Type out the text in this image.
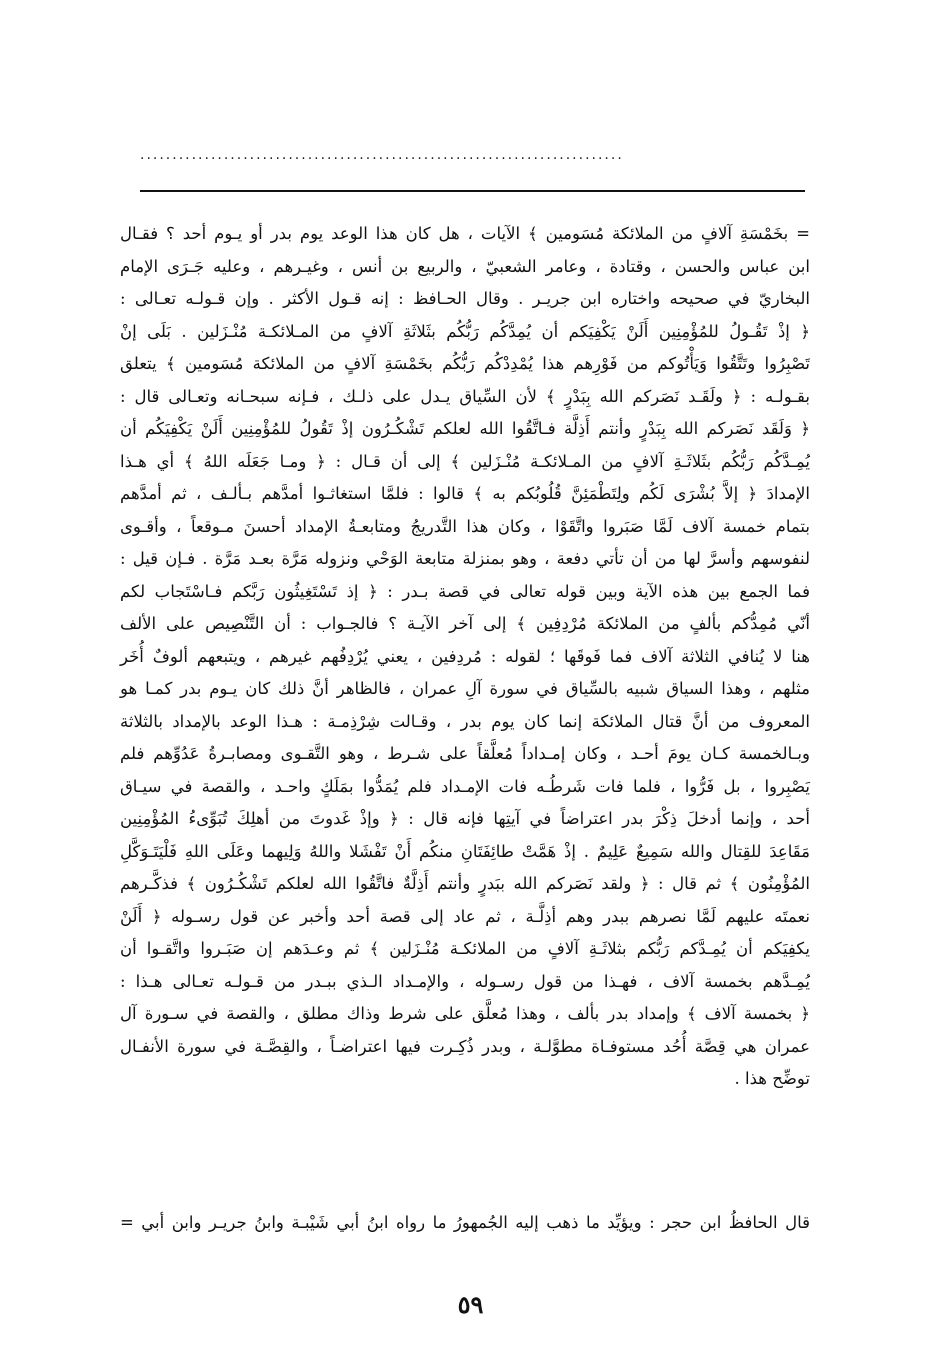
...........................................................................
= بخَمْسَةِ آلافٍ من الملائكة مُسَومين ﴾ الآيات ، هل كان هذا الوعد يوم بدر أو يـوم أحد ؟ فقـال
ابن عباس والحسن ، وقتادة ، وعامر الشعبيّ ، والربيع بن أنس ، وغيـرهم ، وعليه جَـرَى الإمام
البخاريّ في صحيحه واختاره ابن جريـر . وقال الحـافظ : إنه قـول الأكثر . وإن قـولـه تعـالى :
﴿ إذْ تَقُـولُ للمُؤْمِنِين أَلَنْ يَكْفِيَكم أن يُمِدَّكُم رَبُّكُم بثَلاثَةِ آلافٍ من المـلائكـة مُنْـزَلين . بَلَى إنْ
تَصْبِرُوا وتَتَّقُوا وَيَأْتُوكم من فَوْرِهم هذا يُمْدِدْكُم رَبُّكُم بخَمْسَةِ آلافٍ من الملائكة مُسَومين ﴾ يتعلق
بقـولـه : ﴿ ولَقَـد نَصَركم الله بِبَدْرٍ ﴾ لأن السِّياق يـدل على ذلـك ، فـإنه سبحـانه وتعـالى قال :
﴿ وَلَقَد نَصَركم الله بِبَدْرٍ وأنتم أَذِلَّة فـاتَّقُوا الله لعلكم تَشْكُـرُون إذْ تَقُولُ للمُؤْمِنِين أَلَنْ يَكْفِيَكُم أن
يُمِـدَّكُم رَبُّكُم بثَلاثَـةِ آلافٍ من المـلائكـة مُنْـزَلين ﴾ إلى أن قـال : ﴿ ومـا جَعَلَه اللهُ ﴾ أي هـذا
الإمدادَ ﴿ إلاَّ بُشْرَى لَكُم ولِتَطْمَئِنَّ قُلُوبُكم به ﴾ قالوا : فلمَّا استغاثـوا أمدَّهم بـألـف ، ثم أمدَّهم
بتمام خمسة آلاف لَمَّا صَبَروا واتَّقَوْا ، وكان هذا التَّدريجُ ومتابعـةُ الإمداد أحسنَ مـوقعاً ، وأقـوى
لنفوسهم وأسرَّ لها من أن تأتي دفعة ، وهو بمنزلة متابعة الوَحْي ونزوله مَرَّة بعـد مَرَّة . فـإن قيل :
فما الجمع بين هذه الآية وبين قوله تعالى في قصة بـدر : ﴿ إذ تَسْتَغِيثُون رَبَّكم فـاسْتَجاب لكم
أنّي مُمِدُّكم بألفٍ من الملائكة مُرْدِفِين ﴾ إلى آخر الآيـة ؟ فالجـواب : أن التَّنْصِيص على الألف
هنا لا يُنافي الثلاثة آلاف فما فَوقَها ؛ لقوله : مُردِفين ، يعني يُرْدِفُهم غيرهم ، ويتبعهم ألوفٌ أُخَر
مثلهم ، وهذا السياق شبيه بالسِّياق في سورة آلِ عمران ، فالظاهر أنَّ ذلك كان يـوم بدر كمـا هو
المعروف من أنَّ قتال الملائكة إنما كان يوم بدر ، وقـالت شِرْذِمـة : هـذا الوعد بالإمداد بالثلاثة
وبـالخمسة كـان يومَ أحـد ، وكان إمـداداً مُعلَّقاً على شـرط ، وهو التَّقـوى ومصابـرةُ عَدُوِّهم فلم
يَصْبِروا ، بل فَرُّوا ، فلما فات شَرطُـه فات الإمـداد فلم يُمَدُّوا بمَلَكٍ واحـد ، والقصة في سيـاق
أحد ، وإنما أدخلَ ذِكْرَ بدر اعتراضاً في آيتِها فإنه قال : ﴿ وإذْ غَدوتَ من أهلِكَ تُبَوِّىءُ المُؤْمِنِين
مَقَاعِدَ للقِتال والله سَمِيعٌ عَلِيمٌ . إذْ هَمَّتْ طائِفَتَانِ منكُم أَنْ تَفْشَلا واللهُ وَلِيهما وعَلَى اللهِ فَلْيَتَـوَكَّلِ
المُؤْمِنُون ﴾ ثم قال : ﴿ ولقد نَصَركم الله ببَدرٍ وأنتم أَذِلَّةٌ فاتَّقُوا الله لعلكم تَشْكُـرُون ﴾ فذكَّـرهم
نعمتَه عليهم لَمَّا نصرهم ببدر وهم أذِلَّـة ، ثم عاد إلى قصة أحد وأخبر عن قول رسـوله ﴿ أَلَنْ
يكفِيَكم أن يُمِـدَّكم رَبُّكم بثلاثَـةِ آلافٍ من الملائكـة مُنْـزَلين ﴾ ثم وعـدَهم إن صَبَـروا واتَّقـوا أن
يُمِـدَّهم بخمسة آلاف ، فهـذا من قول رسـوله ، والإمـداد الـذي ببـدر من قـولـه تعـالى هـذا :
﴿ بخمسة آلاف ﴾ وإمداد بدر بألف ، وهذا مُعلَّق على شرط وذاك مطلق ، والقصة في سـورة آل
عمران هي قِصَّة أُحُد مستوفـاة مطوَّلـة ، وبدر ذُكِـرت فيها اعتراضـاً ، والقِصَّـة في سورة الأنفـال
توضِّح هذا .
قال الحافظُ ابن حجر : ويؤيِّد ما ذهب إليه الجُمهورُ ما رواه ابنُ أبي شَيْبـة وابنُ جريـر وابن أبي =
٥٩
